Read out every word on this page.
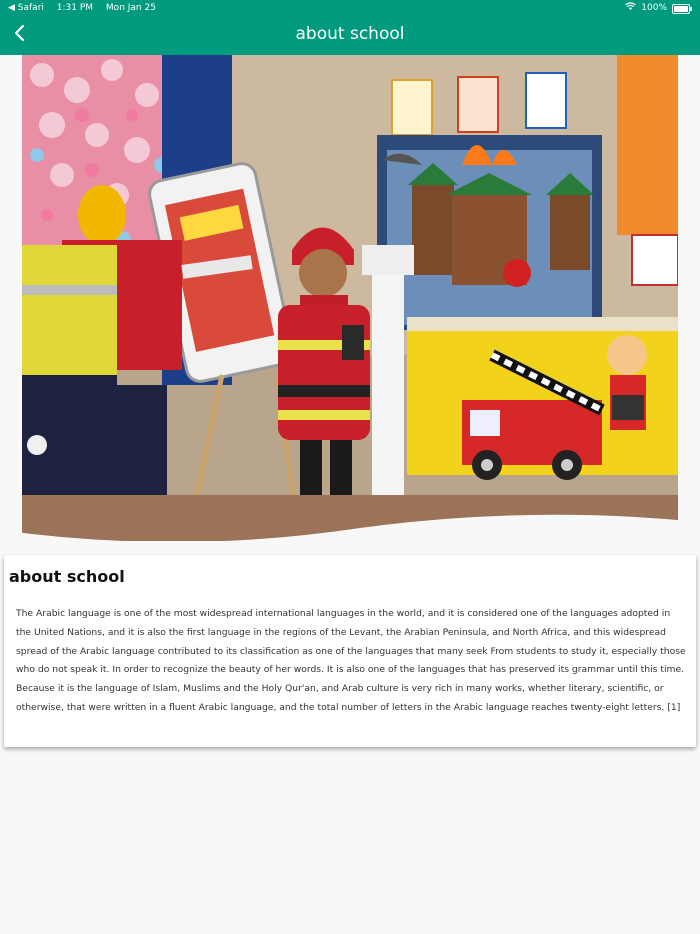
◀ Safari 1:31 PM Mon Jan 25	100%
about school
about school
The Arabic language is one of the most widespread international languages in the world, and it is considered one of the languages adopted in the United Nations, and it is also the first language in the regions of the Levant, the Arabian Peninsula, and North Africa, and this widespread spread of the Arabic language contributed to its classification as one of the languages that many seek From students to study it, especially those who do not speak it. In order to recognize the beauty of her words. It is also one of the languages that has preserved its grammar until this time. Because it is the language of Islam, Muslims and the Holy Qur'an, and Arab culture is very rich in many works, whether literary, scientific, or otherwise, that were written in a fluent Arabic language, and the total number of letters in the Arabic language reaches twenty-eight letters. [1]
